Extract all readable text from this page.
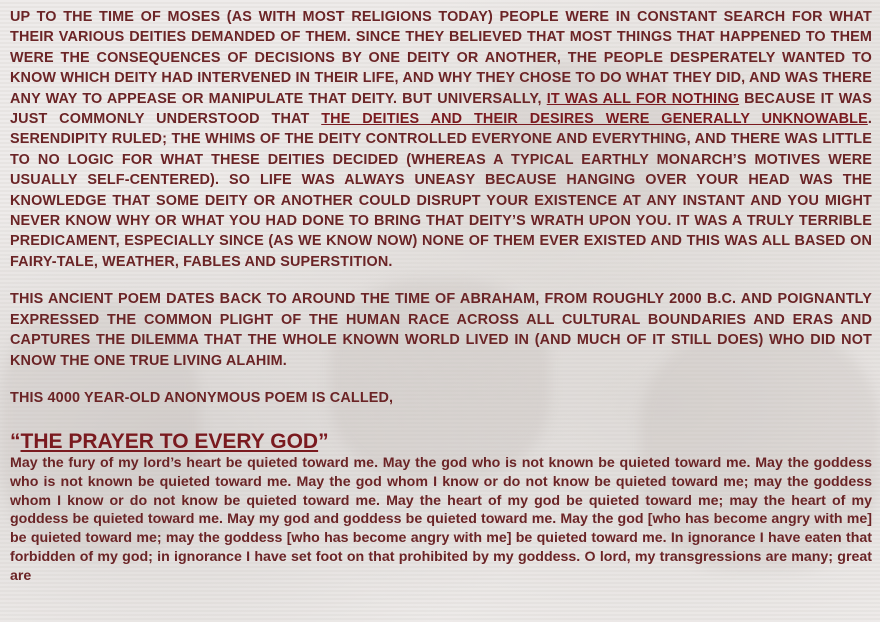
UP TO THE TIME OF MOSES (AS WITH MOST RELIGIONS TODAY) PEOPLE WERE IN CONSTANT SEARCH FOR WHAT THEIR VARIOUS DEITIES DEMANDED OF THEM. SINCE THEY BELIEVED THAT MOST THINGS THAT HAPPENED TO THEM WERE THE CONSEQUENCES OF DECISIONS BY ONE DEITY OR ANOTHER, THE PEOPLE DESPERATELY WANTED TO KNOW WHICH DEITY HAD INTERVENED IN THEIR LIFE, AND WHY THEY CHOSE TO DO WHAT THEY DID, AND WAS THERE ANY WAY TO APPEASE OR MANIPULATE THAT DEITY. BUT UNIVERSALLY, IT WAS ALL FOR NOTHING BECAUSE IT WAS JUST COMMONLY UNDERSTOOD THAT THE DEITIES AND THEIR DESIRES WERE GENERALLY UNKNOWABLE. SERENDIPITY RULED; THE WHIMS OF THE DEITY CONTROLLED EVERYONE AND EVERYTHING, AND THERE WAS LITTLE TO NO LOGIC FOR WHAT THESE DEITIES DECIDED (WHEREAS A TYPICAL EARTHLY MONARCH’S MOTIVES WERE USUALLY SELF-CENTERED). SO LIFE WAS ALWAYS UNEASY BECAUSE HANGING OVER YOUR HEAD WAS THE KNOWLEDGE THAT SOME DEITY OR ANOTHER COULD DISRUPT YOUR EXISTENCE AT ANY INSTANT AND YOU MIGHT NEVER KNOW WHY OR WHAT YOU HAD DONE TO BRING THAT DEITY’S WRATH UPON YOU. IT WAS A TRULY TERRIBLE PREDICAMENT, ESPECIALLY SINCE (AS WE KNOW NOW) NONE OF THEM EVER EXISTED AND THIS WAS ALL BASED ON FAIRY-TALE, WEATHER, FABLES AND SUPERSTITION.

THIS ANCIENT POEM DATES BACK TO AROUND THE TIME OF ABRAHAM, FROM ROUGHLY 2000 B.C. AND POIGNANTLY EXPRESSED THE COMMON PLIGHT OF THE HUMAN RACE ACROSS ALL CULTURAL BOUNDARIES AND ERAS AND CAPTURES THE DILEMMA THAT THE WHOLE KNOWN WORLD LIVED IN (AND MUCH OF IT STILL DOES) WHO DID NOT KNOW THE ONE TRUE LIVING ALAHIM.

THIS 4000 YEAR-OLD ANONYMOUS POEM IS CALLED,

“THE PRAYER TO EVERY GOD”

May the fury of my lord’s heart be quieted toward me. May the god who is not known be quieted toward me. May the goddess who is not known be quieted toward me. May the god whom I know or do not know be quieted toward me; may the goddess whom I know or do not know be quieted toward me. May the heart of my god be quieted toward me; may the heart of my goddess be quieted toward me. May my god and goddess be quieted toward me. May the god [who has become angry with me] be quieted toward me; may the goddess [who has become angry with me] be quieted toward me. In ignorance I have eaten that forbidden of my god; in ignorance I have set foot on that prohibited by my goddess. O lord, my transgressions are many; great are
